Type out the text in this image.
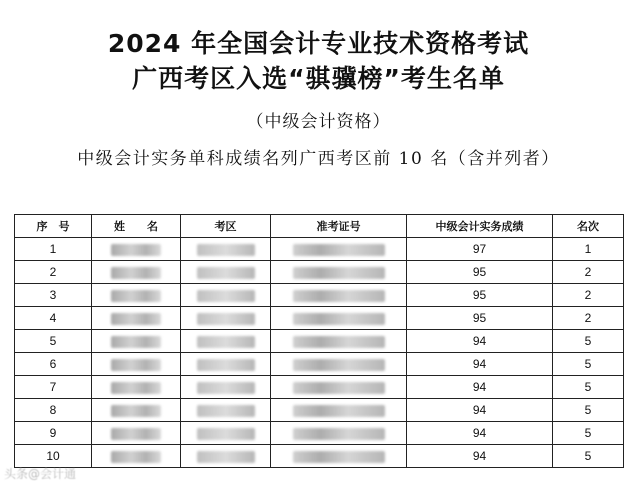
2024 年全国会计专业技术资格考试
广西考区入选“骐骥榜”考生名单
（中级会计资格）
中级会计实务单科成绩名列广西考区前 10 名（含并列者）
序　号	姓　　名	考区	准考证号	中级会计实务成绩	名次
1				97	1
2				95	2
3				95	2
4				95	2
5				94	5
6				94	5
7				94	5
8				94	5
9				94	5
10				94	5
头条@会计通
